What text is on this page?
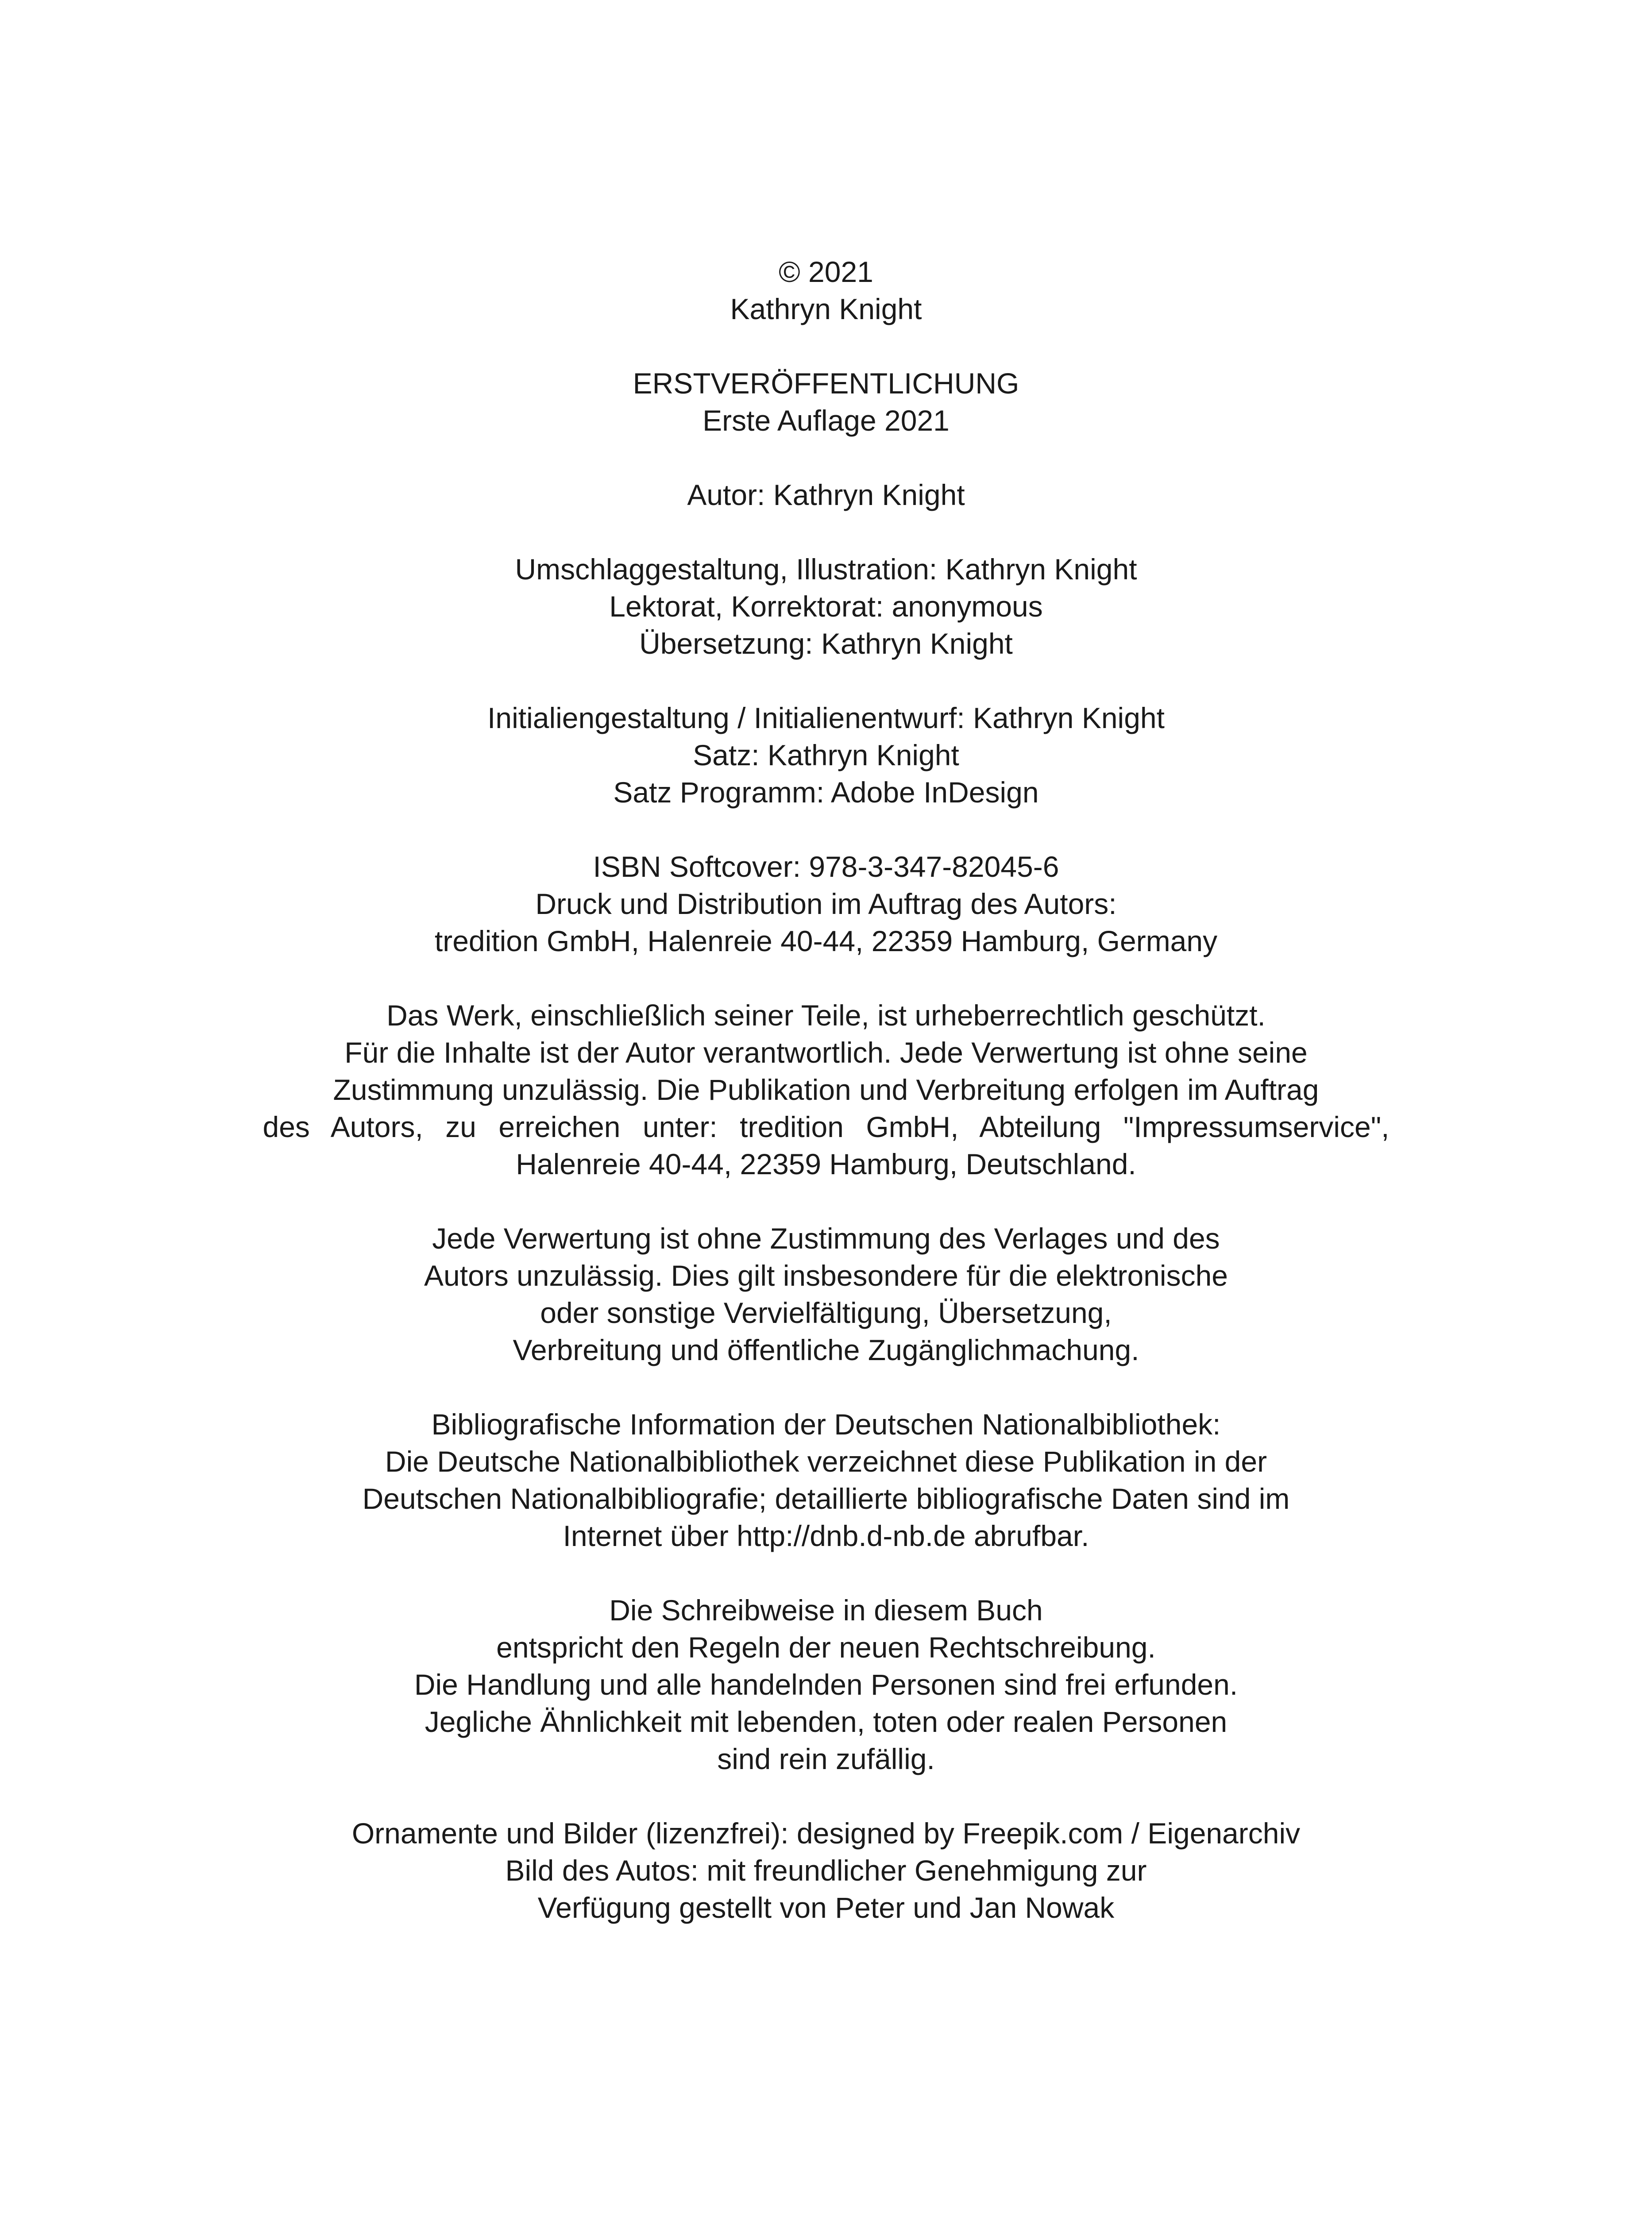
© 2021
Kathryn Knight
ERSTVERÖFFENTLICHUNG
Erste Auflage 2021
Autor: Kathryn Knight
Umschlaggestaltung, Illustration: Kathryn Knight
Lektorat, Korrektorat: anonymous
Übersetzung: Kathryn Knight
Initialiengestaltung / Initialienentwurf: Kathryn Knight
Satz: Kathryn Knight
Satz Programm: Adobe InDesign
ISBN Softcover: 978-3-347-82045-6
Druck und Distribution im Auftrag des Autors:
tredition GmbH, Halenreie 40-44, 22359 Hamburg, Germany
Das Werk, einschließlich seiner Teile, ist urheberrechtlich geschützt.
Für die Inhalte ist der Autor verantwortlich. Jede Verwertung ist ohne seine
Zustimmung unzulässig. Die Publikation und Verbreitung erfolgen im Auftrag
des Autors, zu erreichen unter: tredition GmbH, Abteilung "Impressumservice",
Halenreie 40-44, 22359 Hamburg, Deutschland.
Jede Verwertung ist ohne Zustimmung des Verlages und des
Autors unzulässig. Dies gilt insbesondere für die elektronische
oder sonstige Vervielfältigung, Übersetzung,
Verbreitung und öffentliche Zugänglichmachung.
Bibliografische Information der Deutschen Nationalbibliothek:
Die Deutsche Nationalbibliothek verzeichnet diese Publikation in der
Deutschen Nationalbibliografie; detaillierte bibliografische Daten sind im
Internet über http://dnb.d-nb.de abrufbar.
Die Schreibweise in diesem Buch
entspricht den Regeln der neuen Rechtschreibung.
Die Handlung und alle handelnden Personen sind frei erfunden.
Jegliche Ähnlichkeit mit lebenden, toten oder realen Personen
sind rein zufällig.
Ornamente und Bilder (lizenzfrei): designed by Freepik.com / Eigenarchiv
Bild des Autos: mit freundlicher Genehmigung zur
Verfügung gestellt von Peter und Jan Nowak
